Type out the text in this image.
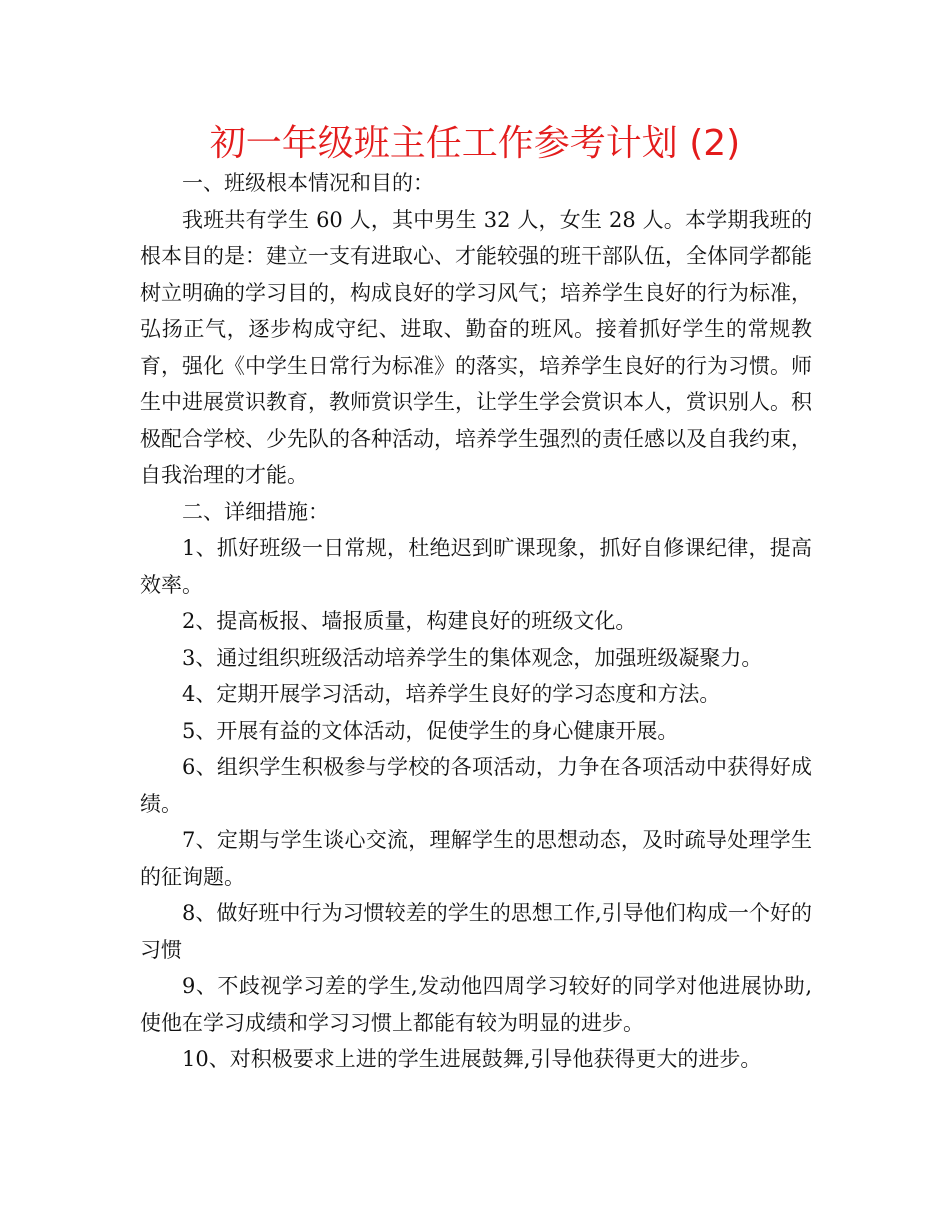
初一年级班主任工作参考计划 (2)

一、班级根本情况和目的：

我班共有学生 60 人，其中男生 32 人，女生 28 人。本学期我班的根本目的是：建立一支有进取心、才能较强的班干部队伍，全体同学都能树立明确的学习目的，构成良好的学习风气；培养学生良好的行为标准，弘扬正气，逐步构成守纪、进取、勤奋的班风。接着抓好学生的常规教育，强化《中学生日常行为标准》的落实，培养学生良好的行为习惯。师生中进展赏识教育，教师赏识学生，让学生学会赏识本人，赏识别人。积极配合学校、少先队的各种活动，培养学生强烈的责任感以及自我约束，自我治理的才能。

二、详细措施：

1、抓好班级一日常规，杜绝迟到旷课现象，抓好自修课纪律，提高效率。

2、提高板报、墙报质量，构建良好的班级文化。

3、通过组织班级活动培养学生的集体观念，加强班级凝聚力。

4、定期开展学习活动，培养学生良好的学习态度和方法。

5、开展有益的文体活动，促使学生的身心健康开展。

6、组织学生积极参与学校的各项活动，力争在各项活动中获得好成绩。

7、定期与学生谈心交流，理解学生的思想动态，及时疏导处理学生的征询题。

8、做好班中行为习惯较差的学生的思想工作,引导他们构成一个好的习惯

9、不歧视学习差的学生,发动他四周学习较好的同学对他进展协助,使他在学习成绩和学习习惯上都能有较为明显的进步。

10、对积极要求上进的学生进展鼓舞,引导他获得更大的进步。
